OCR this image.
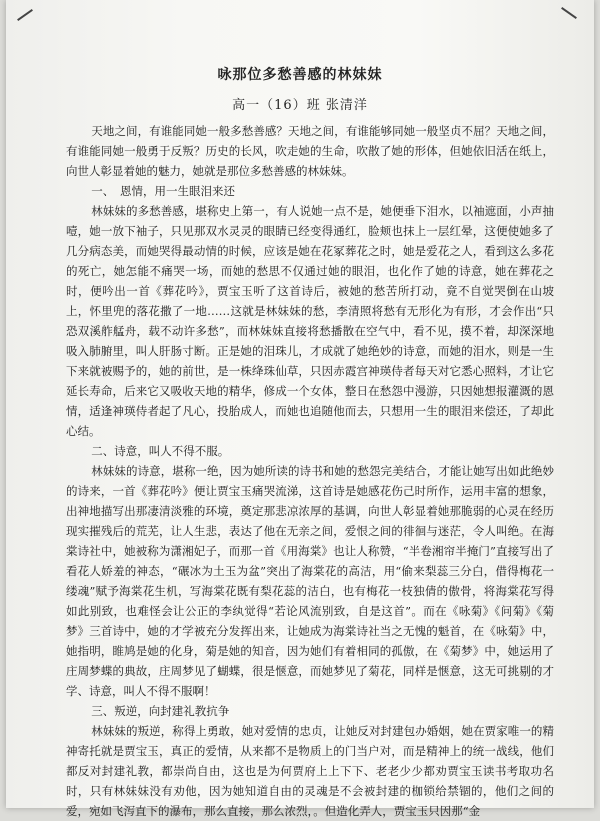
咏那位多愁善感的林妹妹
高一（16）班 张清洋

天地之间，有谁能同她一般多愁善感？天地之间，有谁能够同她一般坚贞不屈？天地之间，有谁能同她一般勇于反叛？历史的长风，吹走她的生命，吹散了她的形体，但她依旧活在纸上，向世人彰显着她的魅力，她就是那位多愁善感的林妹妹。

一、　恩情，用一生眼泪来还

林妹妹的多愁善感，堪称史上第一，有人说她一点不是，她便垂下泪水，以袖遮面，小声抽噎，她一放下袖子，只见那双水灵灵的眼睛已经变得通红，脸颊也抹上一层红晕，这便使她多了几分病态美，而她哭得最动情的时候，应该是她在花冢葬花之时，她是爱花之人，看到这么多花的死亡，她怎能不痛哭一场，而她的愁思不仅通过她的眼泪，也化作了她的诗意，她在葬花之时，便吟出一首《葬花吟》，贾宝玉听了这首诗后，被她的愁苦所打动，竟不自觉哭倒在山坡上，怀里兜的落花撒了一地……这就是林妹妹的愁，李清照将愁有无形化为有形，才会作出“只恐双溪舴艋舟，载不动许多愁”，而林妹妹直接将愁播散在空气中，看不见，摸不着，却深深地吸入肺腑里，叫人肝肠寸断。正是她的泪珠儿，才成就了她绝妙的诗意，而她的泪水，则是一生下来就被赐予的，她的前世，是一株绛珠仙草，只因赤霞宫神瑛侍者每天对它悉心照料，才让它延长寿命，后来它又吸收天地的精华，修成一个女体，整日在愁怨中漫游，只因她想报灌溉的恩情，适逢神瑛侍者起了凡心，投胎成人，而她也追随他而去，只想用一生的眼泪来偿还，了却此心结。

二、诗意，叫人不得不服。

林妹妹的诗意，堪称一绝，因为她所读的诗书和她的愁怨完美结合，才能让她写出如此绝妙的诗来，一首《葬花吟》便让贾宝玉痛哭流涕，这首诗是她感花伤己时所作，运用丰富的想象，出神地描写出那凄清淡雅的环境，奠定那悲凉浓厚的基调，向世人彰显着她那脆弱的心灵在经历现实摧残后的荒芜，让人生悲，表达了他在无亲之间，爱恨之间的徘徊与迷茫，令人叫绝。在海棠诗社中，她被称为潇湘妃子，而那一首《用海棠》也让人称赞，“半卷湘帘半掩门”直接写出了看花人娇羞的神态，“碾冰为土玉为盆”突出了海棠花的高洁，用“偷来梨蕊三分白，借得梅花一缕魂”赋予海棠花生机，写海棠花既有梨花蕊的洁白，也有梅花一枝独倩的傲骨，将海棠花写得如此别致，也难怪会让公正的李纨觉得“若论风流别致，自是这首”。而在《咏菊》《问菊》《菊梦》三首诗中，她的才学被充分发挥出来，让她成为海棠诗社当之无愧的魁首，在《咏菊》中，她指明，睢鸠是她的化身，菊是她的知音，因为她们有着相同的孤傲，在《菊梦》中，她运用了庄周梦蝶的典故，庄周梦见了蝴蝶，很是惬意，而她梦见了菊花，同样是惬意，这无可挑剔的才学、诗意，叫人不得不服啊！

三、叛逆，向封建礼教抗争

林妹妹的叛逆，称得上勇敢，她对爱情的忠贞，让她反对封建包办婚姻，她在贾家唯一的精神寄托就是贾宝玉，真正的爱情，从来都不是物质上的门当户对，而是精神上的统一战线，他们都反对封建礼教，都崇尚自由，这也是为何贾府上上下下、老老少少都劝贾宝玉读书考取功名时，只有林妹妹没有劝他，因为她知道自由的灵魂是不会被封建的枷锁给禁锢的，他们之间的爱，宛如飞泻直下的瀑布，那么直接，那么浓烈，。但造化弄人，贾宝玉只因那“金
